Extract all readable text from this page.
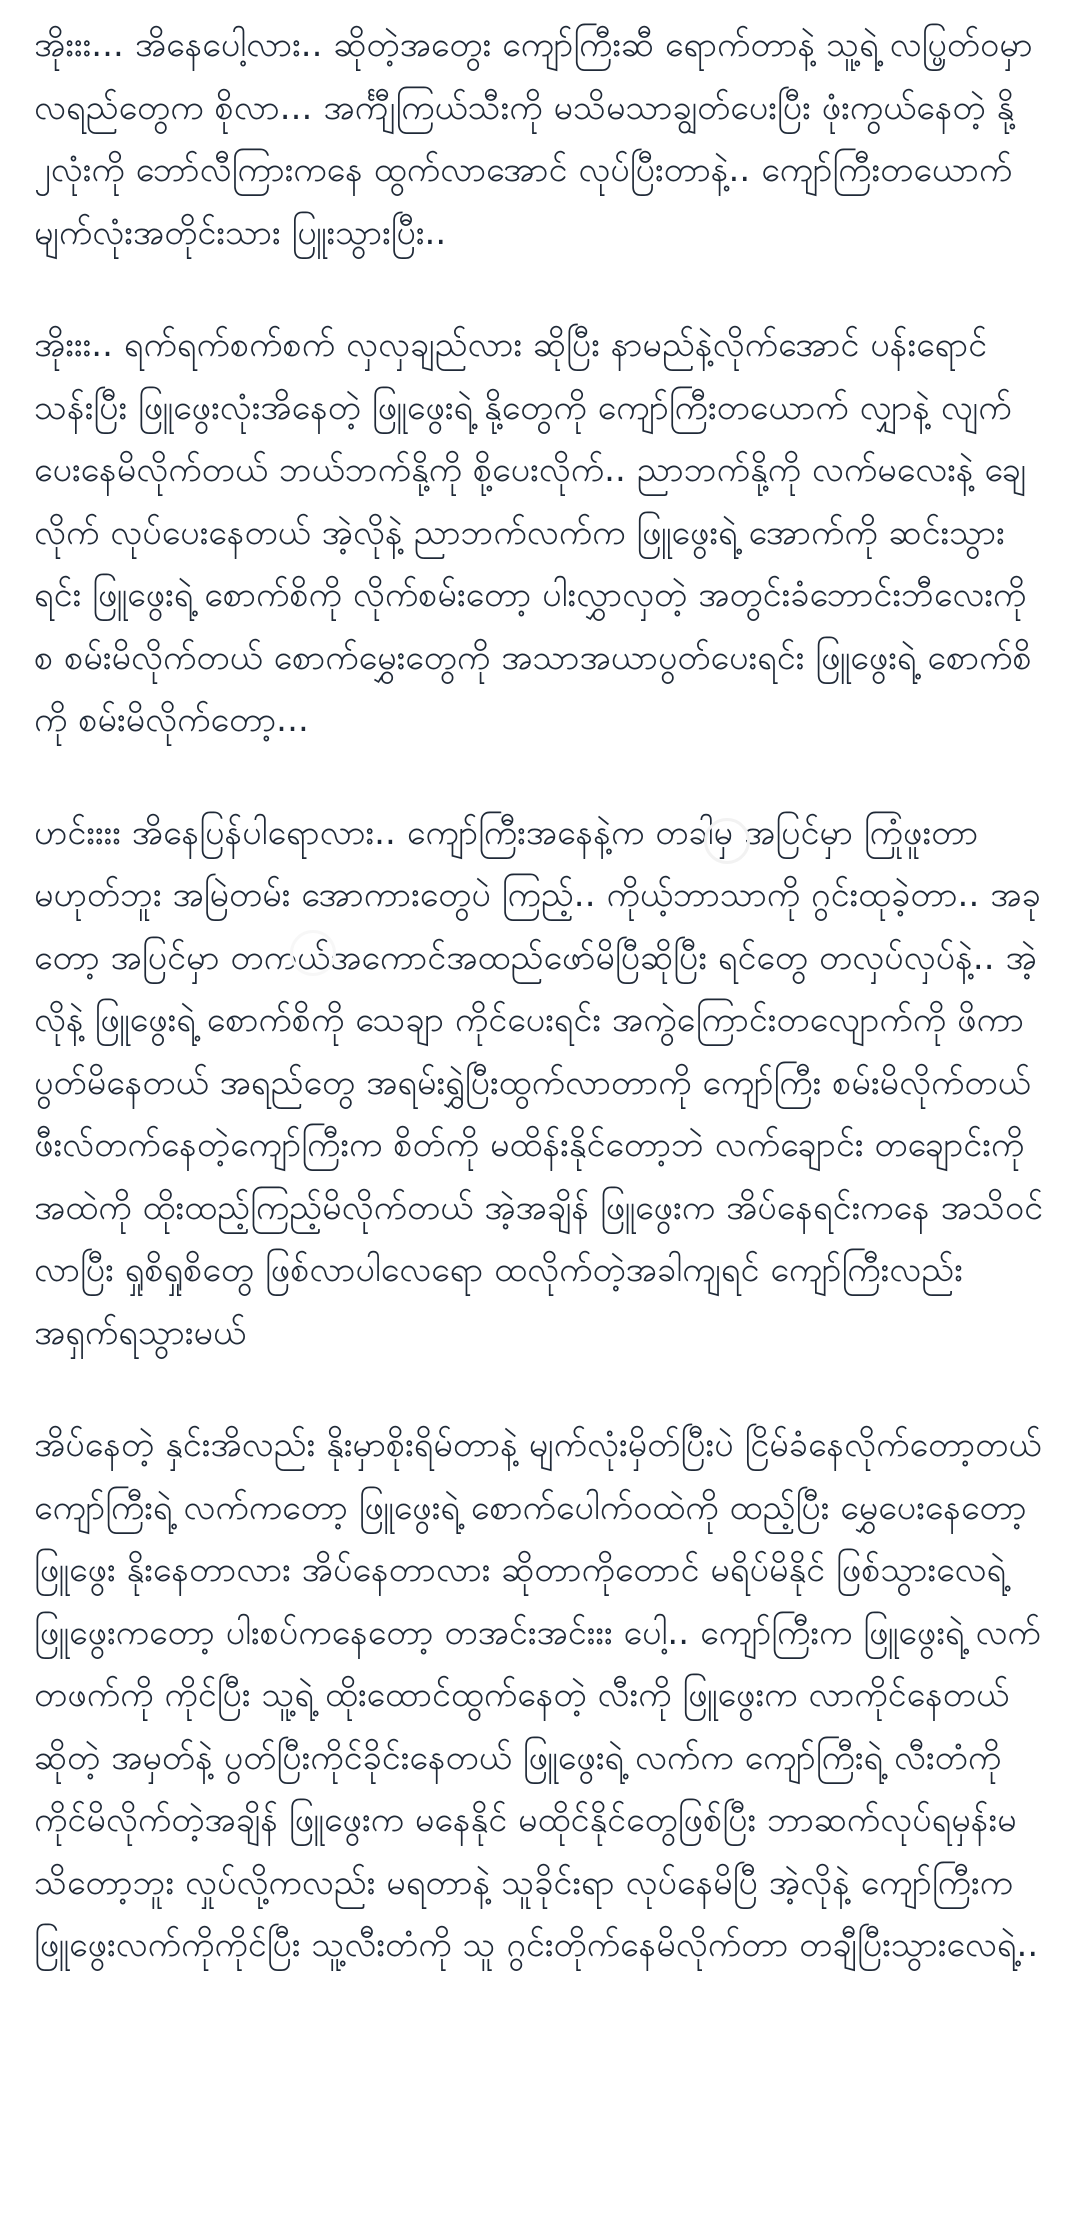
အိုးးး... အိနေပေါ့လား.. ဆိုတဲ့အတွေး ကျော်ကြီးဆီ ရောက်တာနဲ့ သူ့ရဲ့ လပ္ပြတ်ဝမှာ လရည်တွေက စိုလာ... အင်္ကျီကြယ်သီးကို မသိမသာချွတ်ပေးပြီး ဖုံးကွယ်နေတဲ့ နို့ ၂လုံးကို ဘော်လီကြားကနေ ထွက်လာအောင် လုပ်ပြီးတာနဲ့.. ကျော်ကြီးတယောက် မျက်လုံးအတိုင်းသား ပြူးသွားပြီး..

အိုးးး.. ရက်ရက်စက်စက် လှလှချည်လား ဆိုပြီး နာမည်နဲ့လိုက်အောင် ပန်းရောင်သန်းပြီး ဖြူဖွေးလုံးအိနေတဲ့ ဖြူဖွေးရဲ့ နို့တွေကို ကျော်ကြီးတယောက် လျှာနဲ့ လျက်ပေးနေမိလိုက်တယ် ဘယ်ဘက်နို့ကို စို့ပေးလိုက်.. ညာဘက်နို့ကို လက်မလေးနဲ့ ချေလိုက် လုပ်ပေးနေတယ် အဲ့လိုနဲ့ ညာဘက်လက်က ဖြူဖွေးရဲ့ အောက်ကို ဆင်းသွားရင်း ဖြူဖွေးရဲ့ စောက်စိကို လိုက်စမ်းတော့ ပါးလွှာလှတဲ့ အတွင်းခံဘောင်းဘီလေးကို စ စမ်းမိလိုက်တယ် စောက်မွှေးတွေကို အသာအယာပွတ်ပေးရင်း ဖြူဖွေးရဲ့ စောက်စိကို စမ်းမိလိုက်တော့...

ဟင်းးးး အိနေပြန်ပါရောလား.. ကျော်ကြီးအနေနဲ့က တခါမှ အပြင်မှာ ကြုံဖူးတာမဟုတ်ဘူး အမြဲတမ်း အောကားတွေပဲ ကြည့်.. ကိုယ့်ဘာသာကို ဂွင်းထုခဲ့တာ.. အခုတော့ အပြင်မှာ တကယ်အကောင်အထည်ဖော်မိပြီဆိုပြီး ရင်တွေ တလှပ်လှပ်နဲ့.. အဲ့လိုနဲ့ ဖြူဖွေးရဲ့ စောက်စိကို သေချာ ကိုင်ပေးရင်း အကွဲကြောင်းတလျောက်ကို ဖိကာ ပွတ်မိနေတယ် အရည်တွေ အရမ်းရွှဲပြီးထွက်လာတာကို ကျော်ကြီး စမ်းမိလိုက်တယ် ဖီးလ်တက်နေတဲ့ကျော်ကြီးက စိတ်ကို မထိန်းနိုင်တော့ဘဲ လက်ချောင်း တချောင်းကို အထဲကို ထိုးထည့်ကြည့်မိလိုက်တယ် အဲ့အချိန် ဖြူဖွေးက အိပ်နေရင်းကနေ အသိဝင်လာပြီး ရှုစိရှုစိတွေ ဖြစ်လာပါလေရော ထလိုက်တဲ့အခါကျရင် ကျော်ကြီးလည်း အရှက်ရသွားမယ်

အိပ်နေတဲ့ နှင်းအိလည်း နိုးမှာစိုးရိမ်တာနဲ့ မျက်လုံးမှိတ်ပြီးပဲ ငြိမ်ခံနေလိုက်တော့တယ် ကျော်ကြီးရဲ့ လက်ကတော့ ဖြူဖွေးရဲ့ စောက်ပေါက်ဝထဲကို ထည့်ပြီး မွှေပေးနေတော့ ဖြူဖွေး နိုးနေတာလား အိပ်နေတာလား ဆိုတာကိုတောင် မရိပ်မိနိုင် ဖြစ်သွားလေရဲ့ ဖြူဖွေးကတော့ ပါးစပ်ကနေတော့ တအင်းအင်းးး ပေါ့.. ကျော်ကြီးက ဖြူဖွေးရဲ့ လက်တဖက်ကို ကိုင်ပြီး သူ့ရဲ့ ထိုးထောင်ထွက်နေတဲ့ လီးကို ဖြူဖွေးက လာကိုင်နေတယ် ဆိုတဲ့ အမှတ်နဲ့ ပွတ်ပြီးကိုင်ခိုင်းနေတယ် ဖြူဖွေးရဲ့ လက်က ကျော်ကြီးရဲ့ လီးတံကို ကိုင်မိလိုက်တဲ့အချိန် ဖြူဖွေးက မနေနိုင် မထိုင်နိုင်တွေဖြစ်ပြီး ဘာဆက်လုပ်ရမှန်းမသိတော့ဘူး လှုပ်လို့ကလည်း မရတာနဲ့ သူခိုင်းရာ လုပ်နေမိပြီ အဲ့လိုနဲ့ ကျော်ကြီးက ဖြူဖွေးလက်ကိုကိုင်ပြီး သူ့လီးတံကို သူ ဂွင်းတိုက်နေမိလိုက်တာ တချီပြီးသွားလေရဲ့..
